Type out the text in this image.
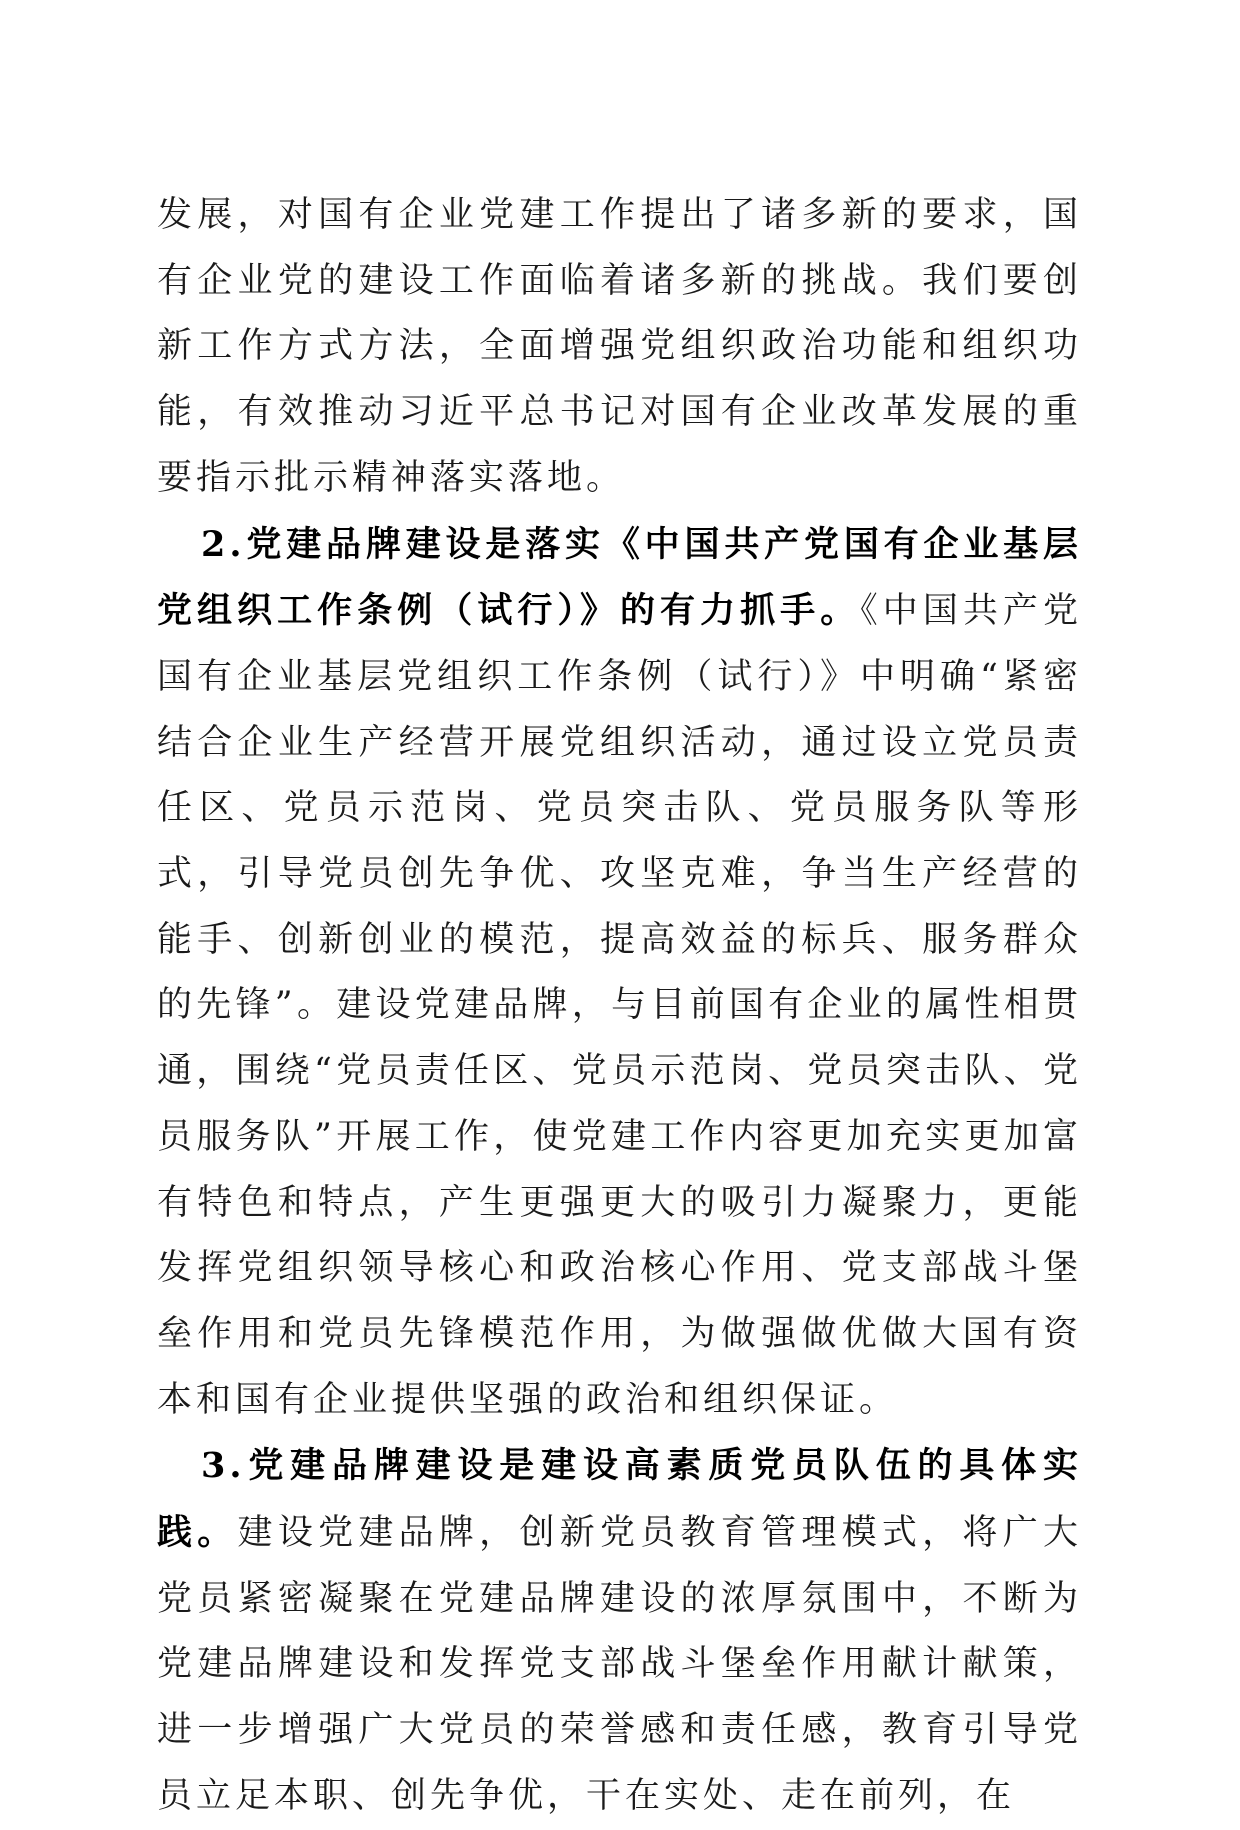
发展，对国有企业党建工作提出了诸多新的要求，国有企业党的建设工作面临着诸多新的挑战。我们要创新工作方式方法，全面增强党组织政治功能和组织功能，有效推动习近平总书记对国有企业改革发展的重要指示批示精神落实落地。

2.党建品牌建设是落实《中国共产党国有企业基层党组织工作条例（试行）》的有力抓手。《中国共产党国有企业基层党组织工作条例（试行）》中明确“紧密结合企业生产经营开展党组织活动，通过设立党员责任区、党员示范岗、党员突击队、党员服务队等形式，引导党员创先争优、攻坚克难，争当生产经营的能手、创新创业的模范，提高效益的标兵、服务群众的先锋”。建设党建品牌，与目前国有企业的属性相贯通，围绕“党员责任区、党员示范岗、党员突击队、党员服务队”开展工作，使党建工作内容更加充实更加富有特色和特点，产生更强更大的吸引力凝聚力，更能发挥党组织领导核心和政治核心作用、党支部战斗堡垒作用和党员先锋模范作用，为做强做优做大国有资本和国有企业提供坚强的政治和组织保证。

3.党建品牌建设是建设高素质党员队伍的具体实践。建设党建品牌，创新党员教育管理模式，将广大党员紧密凝聚在党建品牌建设的浓厚氛围中，不断为党建品牌建设和发挥党支部战斗堡垒作用献计献策，进一步增强广大党员的荣誉感和责任感，教育引导党员立足本职、创先争优，干在实处、走在前列，在
